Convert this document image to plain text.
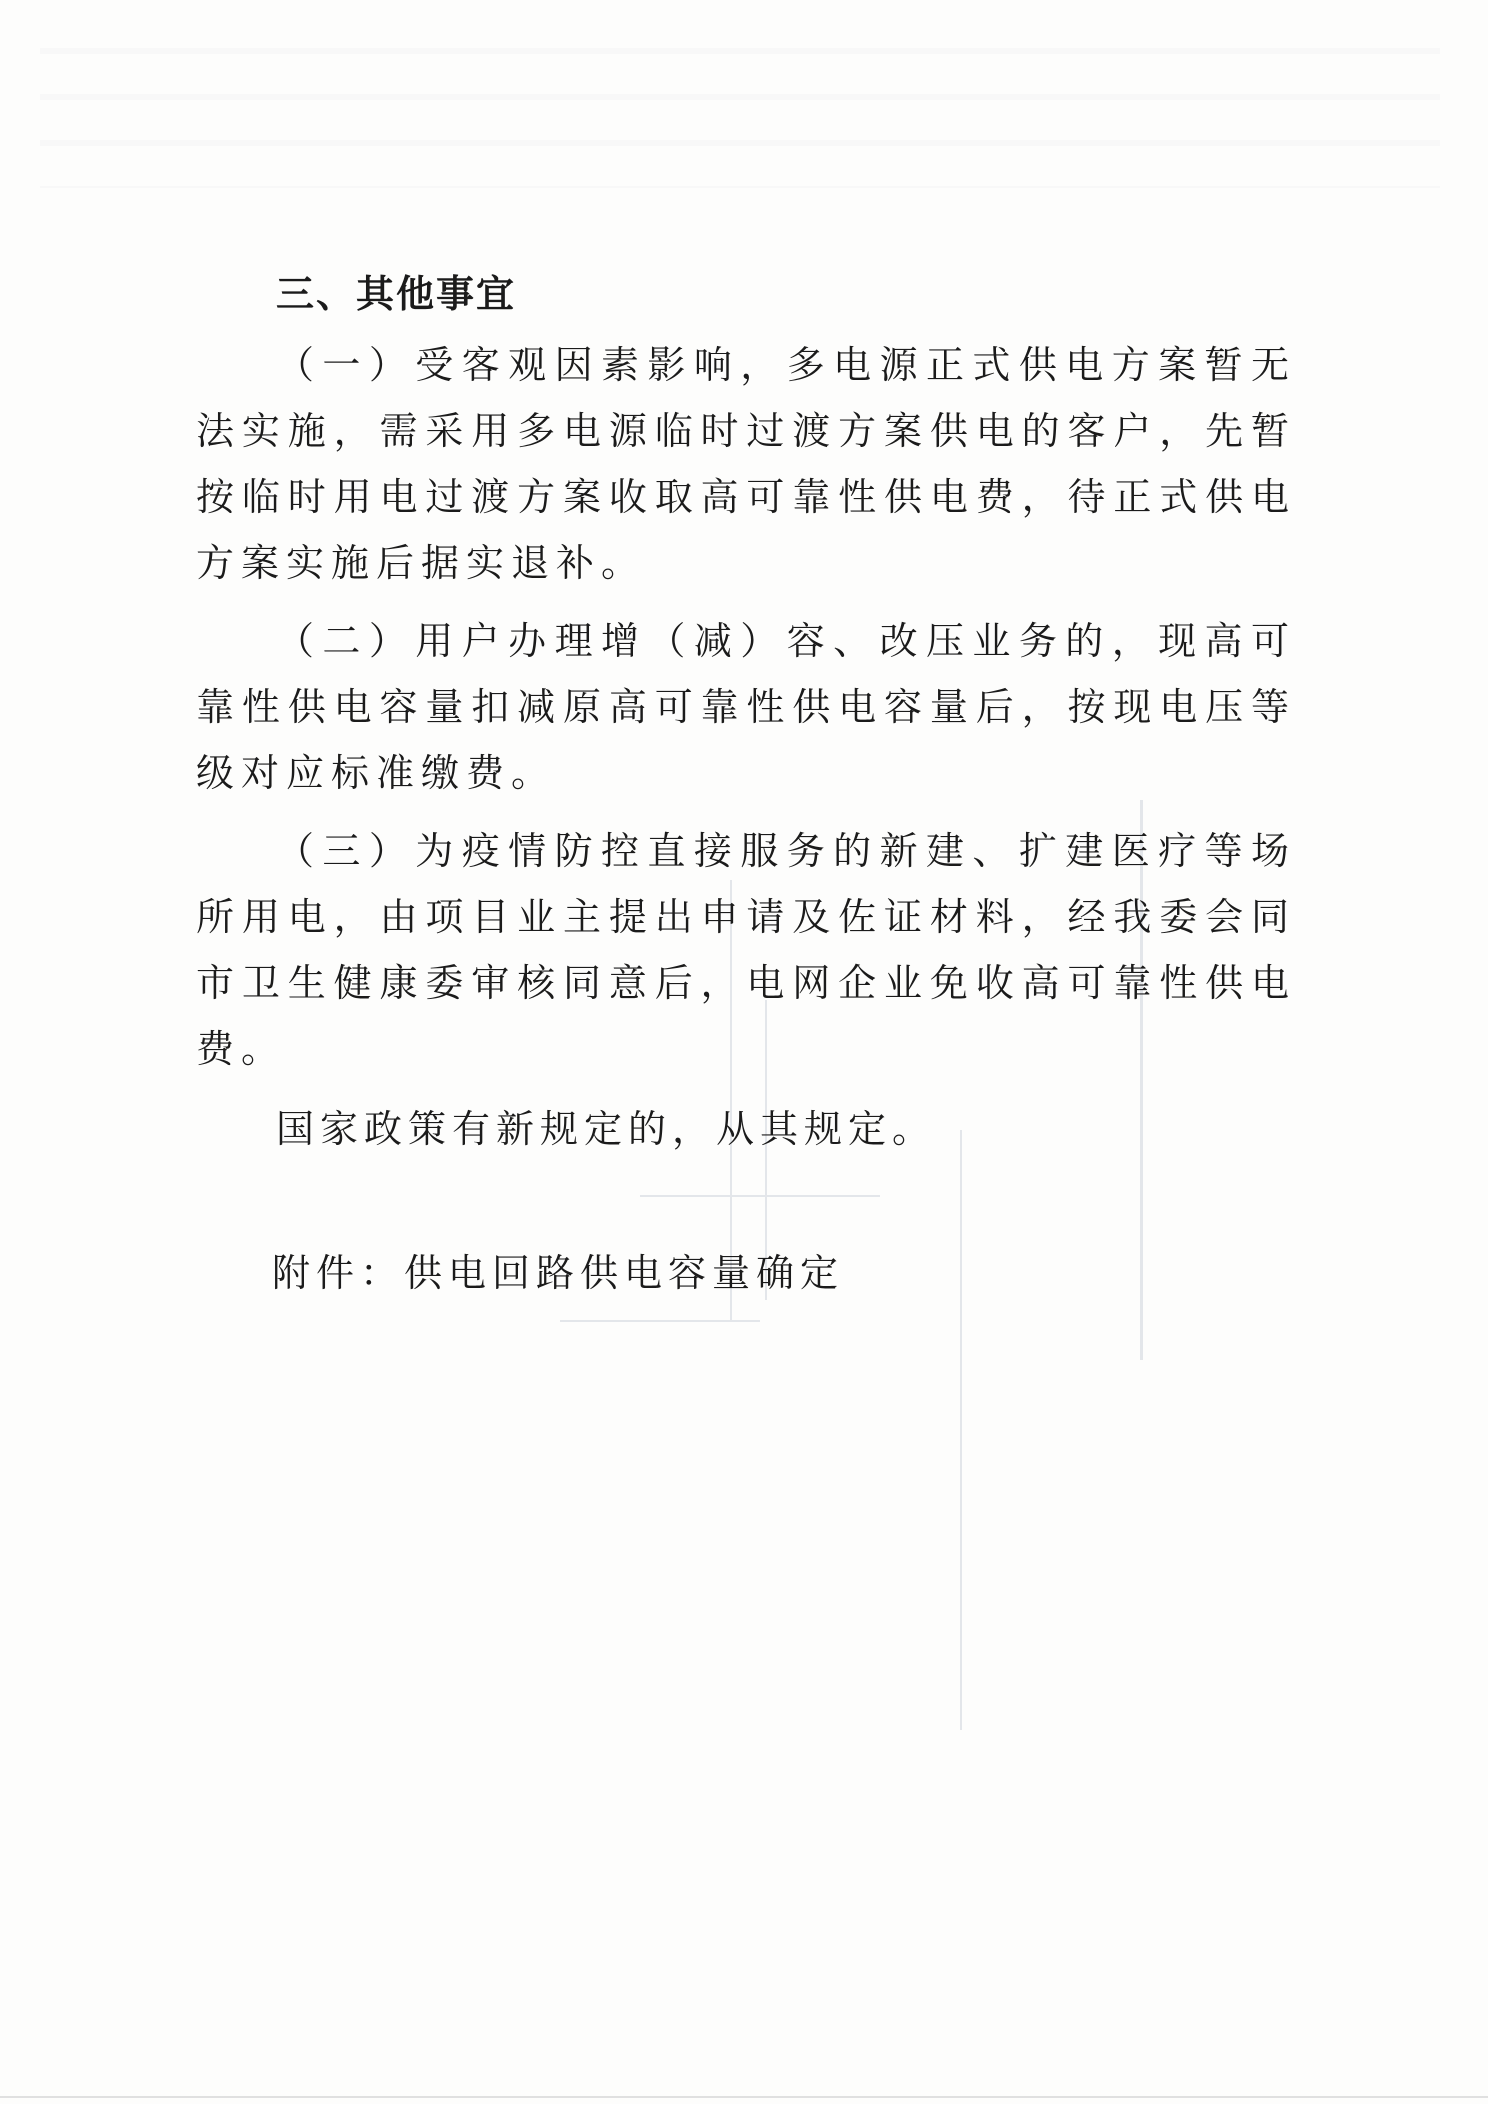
三、其他事宜

（一）受客观因素影响，多电源正式供电方案暂无法实施，需采用多电源临时过渡方案供电的客户，先暂按临时用电过渡方案收取高可靠性供电费，待正式供电方案实施后据实退补。

（二）用户办理增（减）容、改压业务的，现高可靠性供电容量扣减原高可靠性供电容量后，按现电压等级对应标准缴费。

（三）为疫情防控直接服务的新建、扩建医疗等场所用电，由项目业主提出申请及佐证材料，经我委会同市卫生健康委审核同意后，电网企业免收高可靠性供电费。

国家政策有新规定的，从其规定。

附件：供电回路供电容量确定
